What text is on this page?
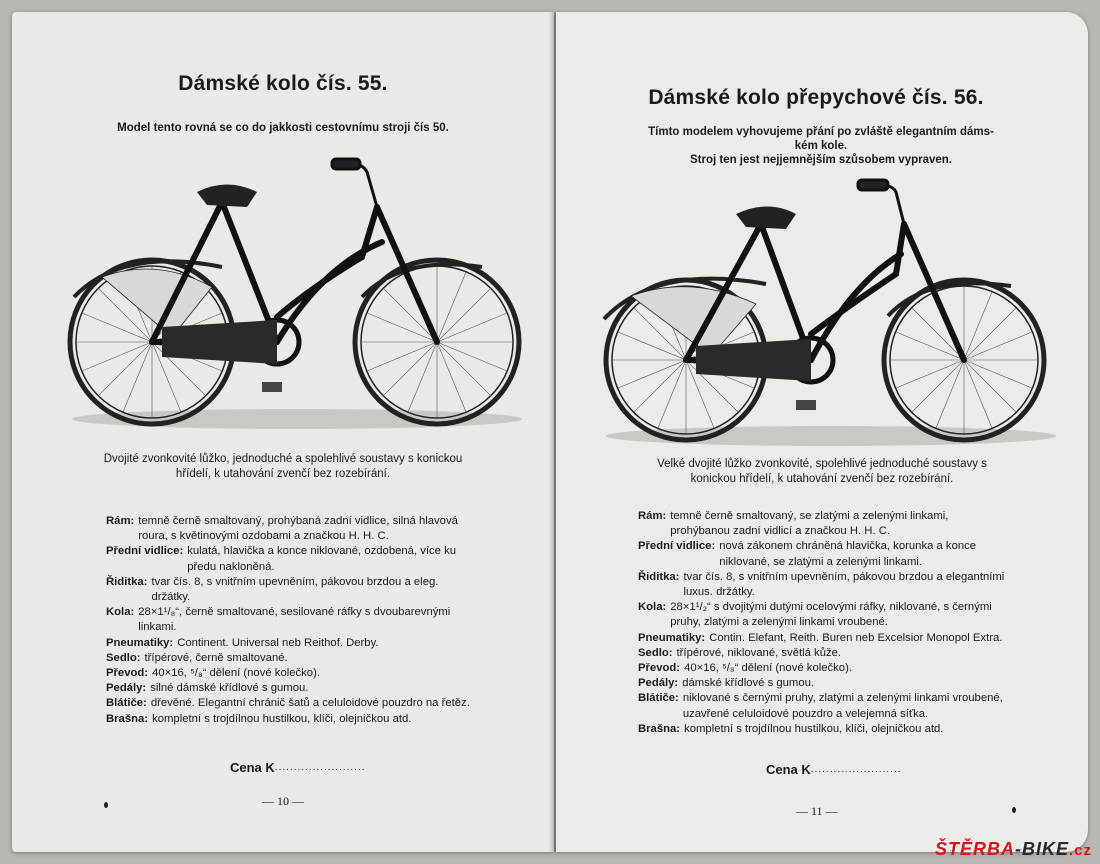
Dámské kolo čís. 55.
Model tento rovná se co do jakkosti cestovnímu stroji čís 50.
Dvojité zvonkovité lůžko, jednoduché a spolehlivé soustavy s konickou
hřídelí, k utahování zvenčí bez rozebírání.
Rám: temně černě smaltovaný, prohýbaná zadní vidlice, silná hlavová roura, s květinovými ozdobami a značkou H. H. C.
Přední vidlice: kulatá, hlavička a konce niklované, ozdobená, více ku předu nakloněná.
Řiditka: tvar čís. 8, s vnitřním upevněním, pákovou brzdou a eleg. držátky.
Kola: 28×1¹/₈“, černě smaltované, sesilované ráfky s dvoubarevnými linkami.
Pneumatiky: Continent. Universal neb Reithof. Derby.
Sedlo: třípérové, černě smaltované.
Převod: 40×16, ⁵/₈“ dělení (nové kolečko).
Pedály: silné dámské křídlové s gumou.
Blátiče: dřevěné. Elegantní chránič šatů a celuloidové pouzdro na řetěz.
Brašna: kompletní s trojdílnou hustilkou, klíči, olejničkou atd.
Cena K........................
— 10 —
Dámské kolo přepychové čís. 56.
Tímto modelem vyhovujeme přání po zvláště elegantním dáms-
kém kole.
Stroj ten jest nejjemnějším szůsobem vypraven.
Velké dvojité lůžko zvonkovité, spolehlivé jednoduché soustavy s
konickou hřídelí, k utahování zvenčí bez rozebírání.
Rám: temně černě smaltovaný, se zlatými a zelenými linkami, prohýbanou zadní vidlicí a značkou H. H. C.
Přední vidlice: nová zákonem chráněná hlavička, korunka a konce niklované, se zlatými a zelenými linkami.
Řiditka: tvar čís. 8, s vnitřním upevněním, pákovou brzdou a elegantními luxus. držátky.
Kola: 28×1¹/₂“ s dvojitými dutými ocelovými ráfky, niklované, s černými pruhy, zlatými a zelenými linkami vroubené.
Pneumatiky: Contin. Elefant, Reith. Buren neb Excelsior Monopol Extra.
Sedlo: třípérové, niklované, světlá kůže.
Převod: 40×16, ⁵/₈“ dělení (nové kolečko).
Pedály: dámské křídlové s gumou.
Blátiče: niklované s černými pruhy, zlatými a zelenými linkami vroubené, uzavřené celuloidové pouzdro a velejemná síťka.
Brašna: kompletní s trojdílnou hustilkou, klíči, olejničkou atd.
Cena K........................
— 11 —
ŠTĚRBA-BIKE.cz
